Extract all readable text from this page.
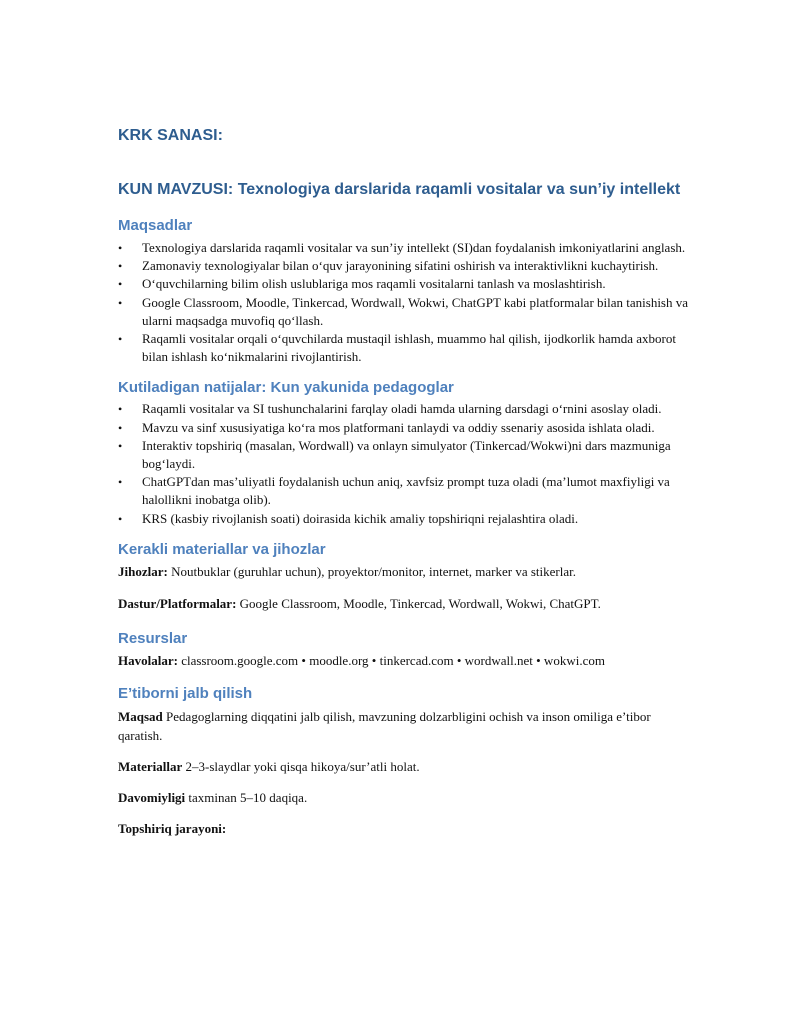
KRK SANASI:
KUN MAVZUSI: Texnologiya darslarida raqamli vositalar va sun’iy intellekt
Maqsadlar
• Texnologiya darslarida raqamli vositalar va sun’iy intellekt (SI)dan foydalanish imkoniyatlarini anglash.
• Zamonaviy texnologiyalar bilan o‘quv jarayonining sifatini oshirish va interaktivlikni kuchaytirish.
• O‘quvchilarning bilim olish uslublariga mos raqamli vositalarni tanlash va moslashtirish.
• Google Classroom, Moodle, Tinkercad, Wordwall, Wokwi, ChatGPT kabi platformalar bilan tanishish va ularni maqsadga muvofiq qo‘llash.
• Raqamli vositalar orqali o‘quvchilarda mustaqil ishlash, muammo hal qilish, ijodkorlik hamda axborot bilan ishlash ko‘nikmalarini rivojlantirish.
Kutiladigan natijalar: Kun yakunida pedagoglar
• Raqamli vositalar va SI tushunchalarini farqlay oladi hamda ularning darsdagi o‘rnini asoslay oladi.
• Mavzu va sinf xususiyatiga ko‘ra mos platformani tanlaydi va oddiy ssenariy asosida ishlata oladi.
• Interaktiv topshiriq (masalan, Wordwall) va onlayn simulyator (Tinkercad/Wokwi)ni dars mazmuniga bog‘laydi.
• ChatGPTdan mas’uliyatli foydalanish uchun aniq, xavfsiz prompt tuza oladi (ma’lumot maxfiyligi va halollikni inobatga olib).
• KRS (kasbiy rivojlanish soati) doirasida kichik amaliy topshiriqni rejalashtira oladi.
Kerakli materiallar va jihozlar

Jihozlar: Noutbuklar (guruhlar uchun), proyektor/monitor, internet, marker va stikerlar.

Dastur/Platformalar: Google Classroom, Moodle, Tinkercad, Wordwall, Wokwi, ChatGPT.

Resurslar

Havolalar: classroom.google.com • moodle.org • tinkercad.com • wordwall.net • wokwi.com

E’tiborni jalb qilish

Maqsad Pedagoglarning diqqatini jalb qilish, mavzuning dolzarbligini ochish va inson omiliga e’tibor qaratish.

Materiallar 2–3-slaydlar yoki qisqa hikoya/sur’atli holat.

Davomiyligi taxminan 5–10 daqiqa.

Topshiriq jarayoni:
